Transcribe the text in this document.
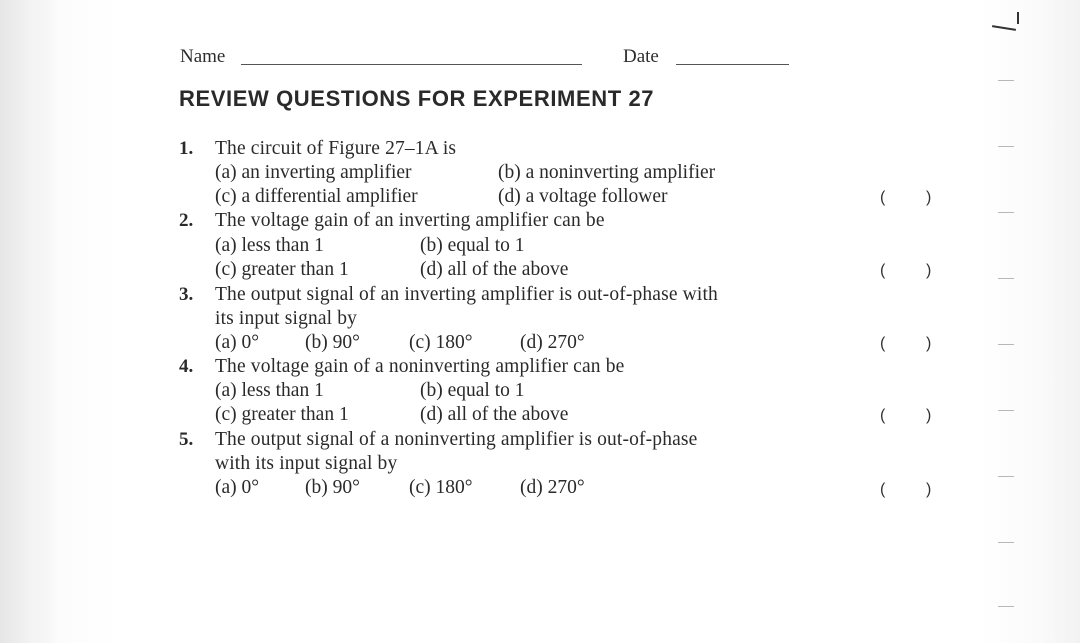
Name	Date
REVIEW QUESTIONS FOR EXPERIMENT 27
1. The circuit of Figure 27–1A is
(a) an inverting amplifier	(b) a noninverting amplifier
(c) a differential amplifier	(d) a voltage follower	(	)
2. The voltage gain of an inverting amplifier can be
(a) less than 1	(b) equal to 1
(c) greater than 1	(d) all of the above	(	)
3. The output signal of an inverting amplifier is out-of-phase with
its input signal by
(a) 0° (b) 90°	(c) 180° (d) 270°	(	)
4. The voltage gain of a noninverting amplifier can be
(a) less than 1	(b) equal to 1
(c) greater than 1	(d) all of the above	(	)
5. The output signal of a noninverting amplifier is out-of-phase
with its input signal by
(a) 0° (b) 90°	(c) 180° (d) 270°	(	)
